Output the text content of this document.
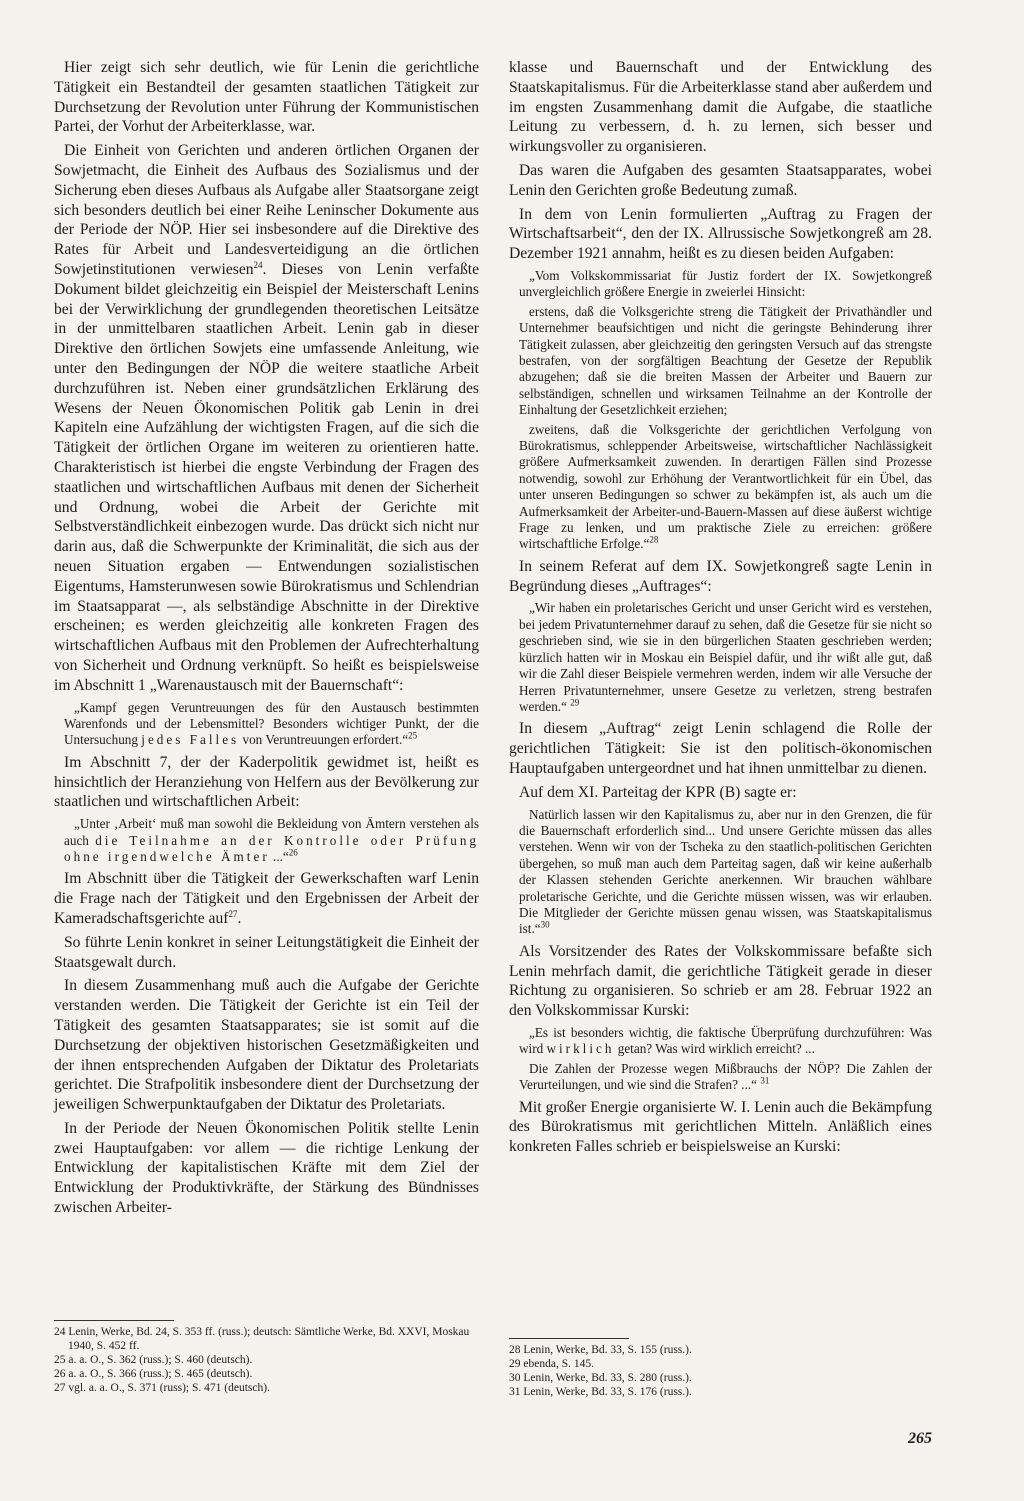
Hier zeigt sich sehr deutlich, wie für Lenin die gerichtliche Tätigkeit ein Bestandteil der gesamten staatlichen Tätigkeit zur Durchsetzung der Revolution unter Führung der Kommunistischen Partei, der Vorhut der Arbeiterklasse, war.

Die Einheit von Gerichten und anderen örtlichen Organen der Sowjetmacht, die Einheit des Aufbaus des Sozialismus und der Sicherung eben dieses Aufbaus als Aufgabe aller Staatsorgane zeigt sich besonders deutlich bei einer Reihe Leninscher Dokumente aus der Periode der NÖP. Hier sei insbesondere auf die Direktive des Rates für Arbeit und Landesverteidigung an die örtlichen Sowjetinstitutionen verwiesen$^{24}$. Dieses von Lenin verfaßte Dokument bildet gleichzeitig ein Beispiel der Meisterschaft Lenins bei der Verwirklichung der grundlegenden theoretischen Leitsätze in der unmittelbaren staatlichen Arbeit. Lenin gab in dieser Direktive den örtlichen Sowjets eine umfassende Anleitung, wie unter den Bedingungen der NÖP die weitere staatliche Arbeit durchzuführen ist. Neben einer grundsätzlichen Erklärung des Wesens der Neuen Ökonomischen Politik gab Lenin in drei Kapiteln eine Aufzählung der wichtigsten Fragen, auf die sich die Tätigkeit der örtlichen Organe im weiteren zu orientieren hatte. Charakteristisch ist hierbei die engste Verbindung der Fragen des staatlichen und wirtschaftlichen Aufbaus mit denen der Sicherheit und Ordnung, wobei die Arbeit der Gerichte mit Selbstverständlichkeit einbezogen wurde. Das drückt sich nicht nur darin aus, daß die Schwerpunkte der Kriminalität, die sich aus der neuen Situation ergaben — Entwendungen sozialistischen Eigentums, Hamsterunwesen sowie Bürokratismus und Schlendrian im Staatsapparat —, als selbständige Abschnitte in der Direktive erscheinen; es werden gleichzeitig alle konkreten Fragen des wirtschaftlichen Aufbaus mit den Problemen der Aufrechterhaltung von Sicherheit und Ordnung verknüpft. So heißt es beispielsweise im Abschnitt 1 „Warenaustausch mit der Bauernschaft“:

„Kampf gegen Veruntreuungen des für den Austausch bestimmten Warenfonds und der Lebensmittel? Besonders wichtiger Punkt, der die Untersuchung jedes Falles von Veruntreuungen erfordert.“$^{25}$

Im Abschnitt 7, der der Kaderpolitik gewidmet ist, heißt es hinsichtlich der Heranziehung von Helfern aus der Bevölkerung zur staatlichen und wirtschaftlichen Arbeit:

„Unter ‚Arbeit‘ muß man sowohl die Bekleidung von Ämtern verstehen als auch die Teilnahme an der Kontrolle oder Prüfung ohne irgendwelche Ämter ...“$^{26}$

Im Abschnitt über die Tätigkeit der Gewerkschaften warf Lenin die Frage nach der Tätigkeit und den Ergebnissen der Arbeit der Kameradschaftsgerichte auf$^{27}$.

So führte Lenin konkret in seiner Leitungstätigkeit die Einheit der Staatsgewalt durch.

In diesem Zusammenhang muß auch die Aufgabe der Gerichte verstanden werden. Die Tätigkeit der Gerichte ist ein Teil der Tätigkeit des gesamten Staatsapparates; sie ist somit auf die Durchsetzung der objektiven historischen Gesetzmäßigkeiten und der ihnen entsprechenden Aufgaben der Diktatur des Proletariats gerichtet. Die Strafpolitik insbesondere dient der Durchsetzung der jeweiligen Schwerpunktaufgaben der Diktatur des Proletariats.

In der Periode der Neuen Ökonomischen Politik stellte Lenin zwei Hauptaufgaben: vor allem — die richtige Lenkung der Entwicklung der kapitalistischen Kräfte mit dem Ziel der Entwicklung der Produktivkräfte, der Stärkung des Bündnisses zwischen Arbeiter-

klasse und Bauernschaft und der Entwicklung des Staatskapitalismus. Für die Arbeiterklasse stand aber außerdem und im engsten Zusammenhang damit die Aufgabe, die staatliche Leitung zu verbessern, d. h. zu lernen, sich besser und wirkungsvoller zu organisieren.

Das waren die Aufgaben des gesamten Staatsapparates, wobei Lenin den Gerichten große Bedeutung zumaß.

In dem von Lenin formulierten „Auftrag zu Fragen der Wirtschaftsarbeit“, den der IX. Allrussische Sowjetkongreß am 28. Dezember 1921 annahm, heißt es zu diesen beiden Aufgaben:

„Vom Volkskommissariat für Justiz fordert der IX. Sowjetkongreß unvergleichlich größere Energie in zweierlei Hinsicht:

erstens, daß die Volksgerichte streng die Tätigkeit der Privathändler und Unternehmer beaufsichtigen und nicht die geringste Behinderung ihrer Tätigkeit zulassen, aber gleichzeitig den geringsten Versuch auf das strengste bestrafen, von der sorgfältigen Beachtung der Gesetze der Republik abzugehen; daß sie die breiten Massen der Arbeiter und Bauern zur selbständigen, schnellen und wirksamen Teilnahme an der Kontrolle der Einhaltung der Gesetzlichkeit erziehen;

zweitens, daß die Volksgerichte der gerichtlichen Verfolgung von Bürokratismus, schleppender Arbeitsweise, wirtschaftlicher Nachlässigkeit größere Aufmerksamkeit zuwenden. In derartigen Fällen sind Prozesse notwendig, sowohl zur Erhöhung der Verantwortlichkeit für ein Übel, das unter unseren Bedingungen so schwer zu bekämpfen ist, als auch um die Aufmerksamkeit der Arbeiter-und-Bauern-Massen auf diese äußerst wichtige Frage zu lenken, und um praktische Ziele zu erreichen: größere wirtschaftliche Erfolge.“$^{28}$

In seinem Referat auf dem IX. Sowjetkongreß sagte Lenin in Begründung dieses „Auftrages“:

„Wir haben ein proletarisches Gericht und unser Gericht wird es verstehen, bei jedem Privatunternehmer darauf zu sehen, daß die Gesetze für sie nicht so geschrieben sind, wie sie in den bürgerlichen Staaten geschrieben werden; kürzlich hatten wir in Moskau ein Beispiel dafür, und ihr wißt alle gut, daß wir die Zahl dieser Beispiele vermehren werden, indem wir alle Versuche der Herren Privatunternehmer, unsere Gesetze zu verletzen, streng bestrafen werden.“ $^{29}$

In diesem „Auftrag“ zeigt Lenin schlagend die Rolle der gerichtlichen Tätigkeit: Sie ist den politisch-ökonomischen Hauptaufgaben untergeordnet und hat ihnen unmittelbar zu dienen.

Auf dem XI. Parteitag der KPR (B) sagte er:

Natürlich lassen wir den Kapitalismus zu, aber nur in den Grenzen, die für die Bauernschaft erforderlich sind... Und unsere Gerichte müssen das alles verstehen. Wenn wir von der Tscheka zu den staatlich-politischen Gerichten übergehen, so muß man auch dem Parteitag sagen, daß wir keine außerhalb der Klassen stehenden Gerichte anerkennen. Wir brauchen wählbare proletarische Gerichte, und die Gerichte müssen wissen, was wir erlauben. Die Mitglieder der Gerichte müssen genau wissen, was Staatskapitalismus ist.“$^{30}$

Als Vorsitzender des Rates der Volkskommissare befaßte sich Lenin mehrfach damit, die gerichtliche Tätigkeit gerade in dieser Richtung zu organisieren. So schrieb er am 28. Februar 1922 an den Volkskommissar Kurski:

„Es ist besonders wichtig, die faktische Überprüfung durchzuführen: Was wird wirklich getan? Was wird wirklich erreicht? ...

Die Zahlen der Prozesse wegen Mißbrauchs der NÖP? Die Zahlen der Verurteilungen, und wie sind die Strafen? ...“ $^{31}$

Mit großer Energie organisierte W. I. Lenin auch die Bekämpfung des Bürokratismus mit gerichtlichen Mitteln. Anläßlich eines konkreten Falles schrieb er beispielsweise an Kurski:

24 Lenin, Werke, Bd. 24, S. 353 ff. (russ.); deutsch: Sämtliche Werke, Bd. XXVI, Moskau 1940, S. 452 ff.
25 a. a. O., S. 362 (russ.); S. 460 (deutsch).
26 a. a. O., S. 366 (russ.); S. 465 (deutsch).
27 vgl. a. a. O., S. 371 (russ); S. 471 (deutsch).
28 Lenin, Werke, Bd. 33, S. 155 (russ.).
29 ebenda, S. 145.
30 Lenin, Werke, Bd. 33, S. 280 (russ.).
31 Lenin, Werke, Bd. 33, S. 176 (russ.).
265
